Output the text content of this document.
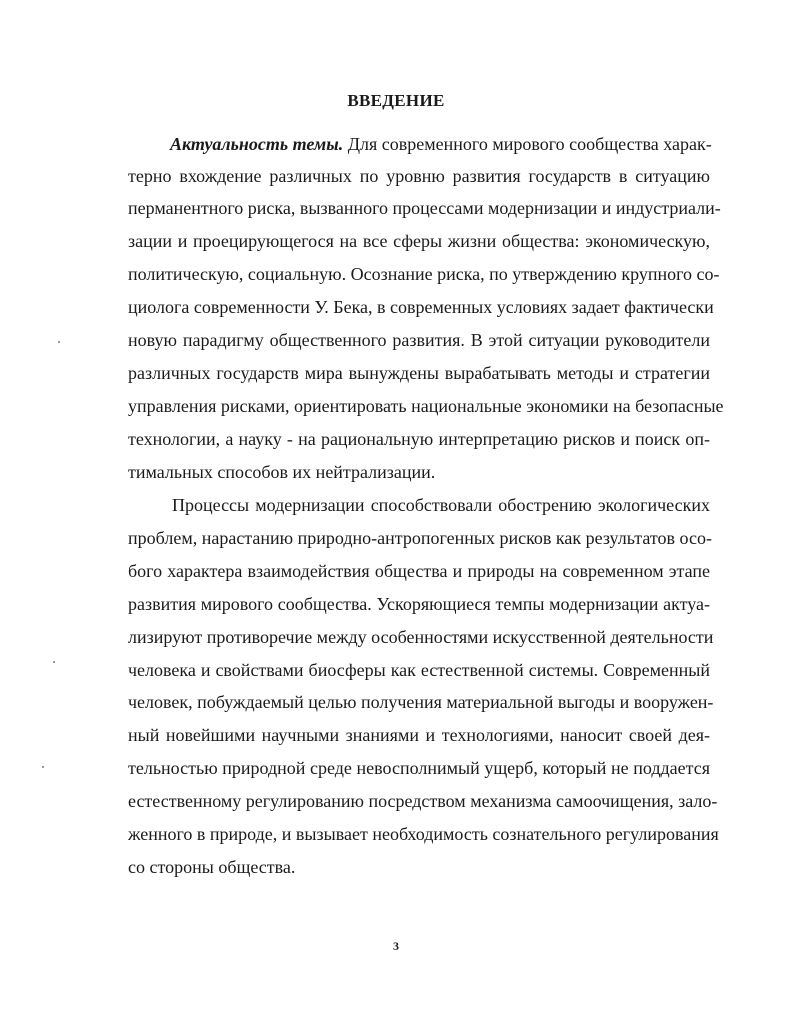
ВВЕДЕНИЕ
Актуальность темы. Для современного мирового сообщества харак-
терно вхождение различных по уровню развития государств в ситуацию
перманентного риска, вызванного процессами модернизации и индустриали-
зации и проецирующегося на все сферы жизни общества: экономическую,
политическую, социальную. Осознание риска, по утверждению крупного со-
циолога современности У. Бека, в современных условиях задает фактически
новую парадигму общественного развития. В этой ситуации руководители
различных государств мира вынуждены вырабатывать методы и стратегии
управления рисками, ориентировать национальные экономики на безопасные
технологии, а науку - на рациональную интерпретацию рисков и поиск оп-
тимальных способов их нейтрализации.
Процессы модернизации способствовали обострению экологических
проблем, нарастанию природно-антропогенных рисков как результатов осо-
бого характера взаимодействия общества и природы на современном этапе
развития мирового сообщества. Ускоряющиеся темпы модернизации актуа-
лизируют противоречие между особенностями искусственной деятельности
человека и свойствами биосферы как естественной системы. Современный
человек, побуждаемый целью получения материальной выгоды и вооружен-
ный новейшими научными знаниями и технологиями, наносит своей дея-
тельностью природной среде невосполнимый ущерб, который не поддается
естественному регулированию посредством механизма самоочищения, зало-
женного в природе, и вызывает необходимость сознательного регулирования
со стороны общества.
3
